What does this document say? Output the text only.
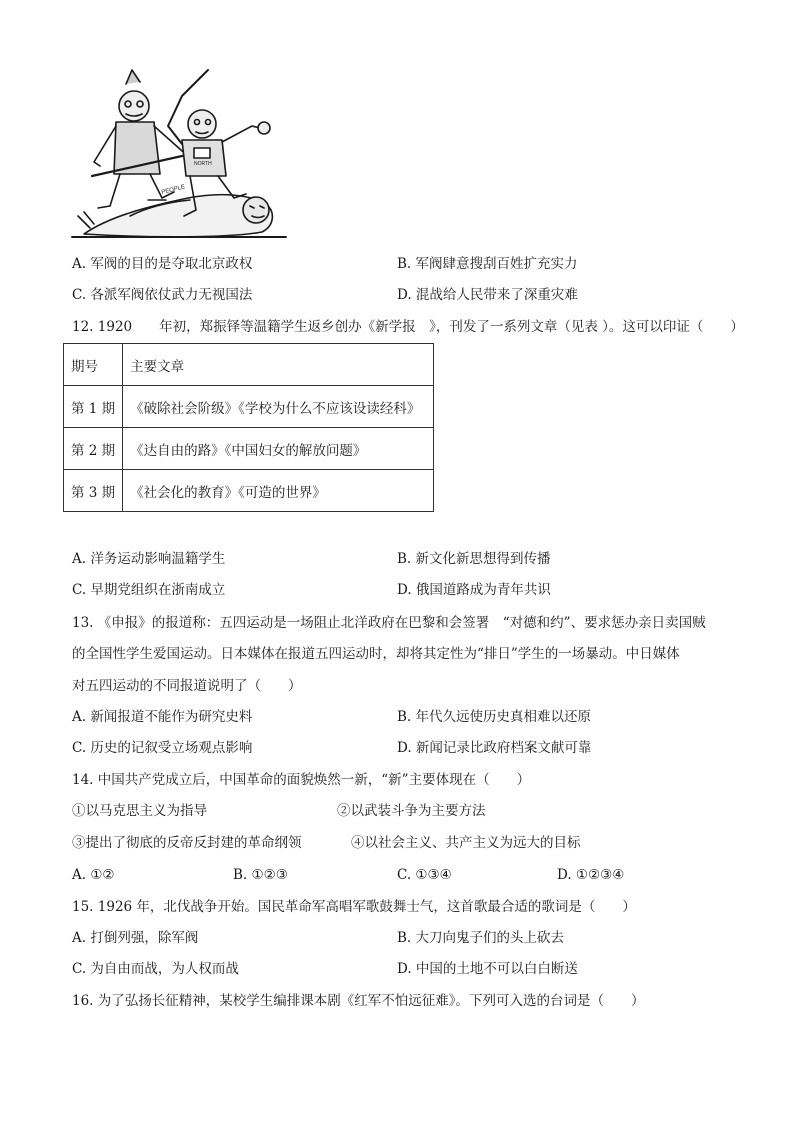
PEOPLE
NORTH
A. 军阀的目的是夺取北京政权	B. 军阀肆意搜刮百姓扩充实力
C. 各派军阀依仗武力无视国法	D. 混战给人民带来了深重灾难
12. 1920　　年初，郑振铎等温籍学生返乡创办《新学报　》，刊发了一系列文章（见表 ）。这可以印证（　　）
期号	主要文章
第 1 期	《破除社会阶级》《学校为什么不应该设读经科》
第 2 期	《达自由的路》《中国妇女的解放问题》
第 3 期	《社会化的教育》《可造的世界》
A. 洋务运动影响温籍学生	B. 新文化新思想得到传播
C. 早期党组织在浙南成立	D. 俄国道路成为青年共识
13. 《申报》的报道称：五四运动是一场阻止北洋政府在巴黎和会签署　“对德和约”、要求惩办亲日卖国贼
的全国性学生爱国运动。日本媒体在报道五四运动时，却将其定性为“排日”学生的一场暴动。中日媒体
对五四运动的不同报道说明了（　　）
A. 新闻报道不能作为研究史料	B. 年代久远使历史真相难以还原
C. 历史的记叙受立场观点影响	D. 新闻记录比政府档案文献可靠
14. 中国共产党成立后，中国革命的面貌焕然一新，“新”主要体现在（　　）
①以马克思主义为指导	②以武装斗争为主要方法
③提出了彻底的反帝反封建的革命纲领	④以社会主义、共产主义为远大的目标
A. ①②	B. ①②③	C. ①③④	D. ①②③④
15. 1926 年，北伐战争开始。国民革命军高唱军歌鼓舞士气，这首歌最合适的歌词是（　　）
A. 打倒列强，除军阀	B. 大刀向鬼子们的头上砍去
C. 为自由而战，为人权而战	D. 中国的土地不可以白白断送
16. 为了弘扬长征精神，某校学生编排课本剧《红军不怕远征难》。下列可入选的台词是（　　）
